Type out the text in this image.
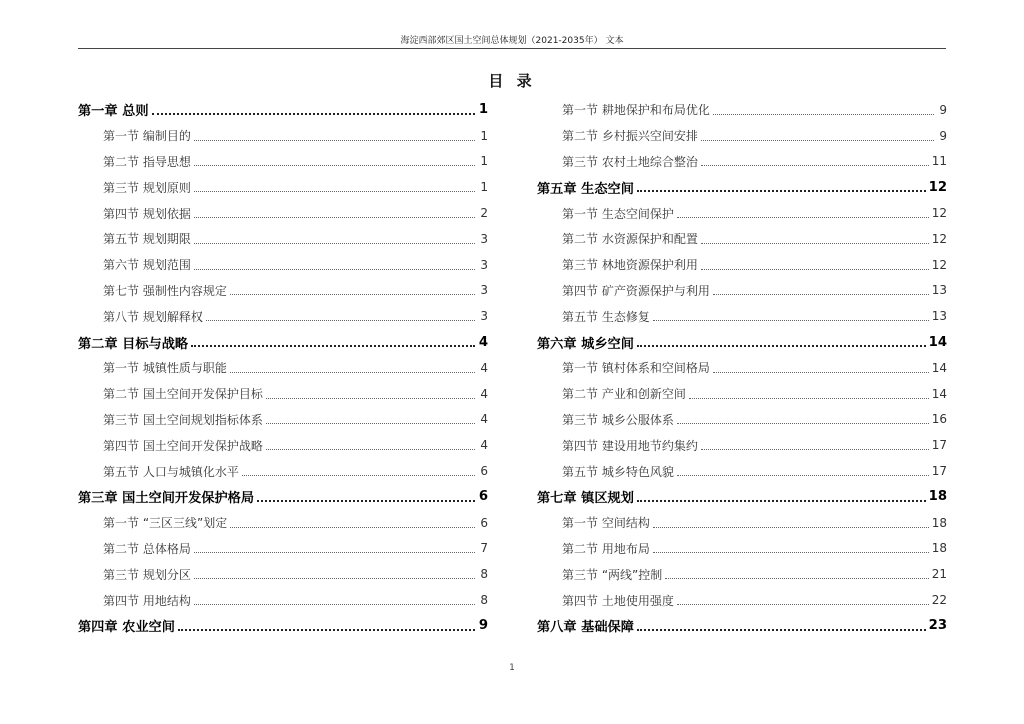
海淀西部郊区国土空间总体规划（2021-2035年） 文本
目 录
第一章 总则	1
第一节 编制目的	1
第二节 指导思想	1
第三节 规划原则	1
第四节 规划依据	2
第五节 规划期限	3
第六节 规划范围	3
第七节 强制性内容规定	3
第八节 规划解释权	3
第二章 目标与战略	4
第一节 城镇性质与职能	4
第二节 国土空间开发保护目标	4
第三节 国土空间规划指标体系	4
第四节 国土空间开发保护战略	4
第五节 人口与城镇化水平	6
第三章 国土空间开发保护格局	6
第一节 “三区三线”划定	6
第二节 总体格局	7
第三节 规划分区	8
第四节 用地结构	8
第四章 农业空间	9
第一节 耕地保护和布局优化	9
第二节 乡村振兴空间安排	9
第三节 农村土地综合整治	11
第五章 生态空间	12
第一节 生态空间保护	12
第二节 水资源保护和配置	12
第三节 林地资源保护利用	12
第四节 矿产资源保护与利用	13
第五节 生态修复	13
第六章 城乡空间	14
第一节 镇村体系和空间格局	14
第二节 产业和创新空间	14
第三节 城乡公服体系	16
第四节 建设用地节约集约	17
第五节 城乡特色风貌	17
第七章 镇区规划	18
第一节 空间结构	18
第二节 用地布局	18
第三节 “两线”控制	21
第四节 土地使用强度	22
第八章 基础保障	23
1
